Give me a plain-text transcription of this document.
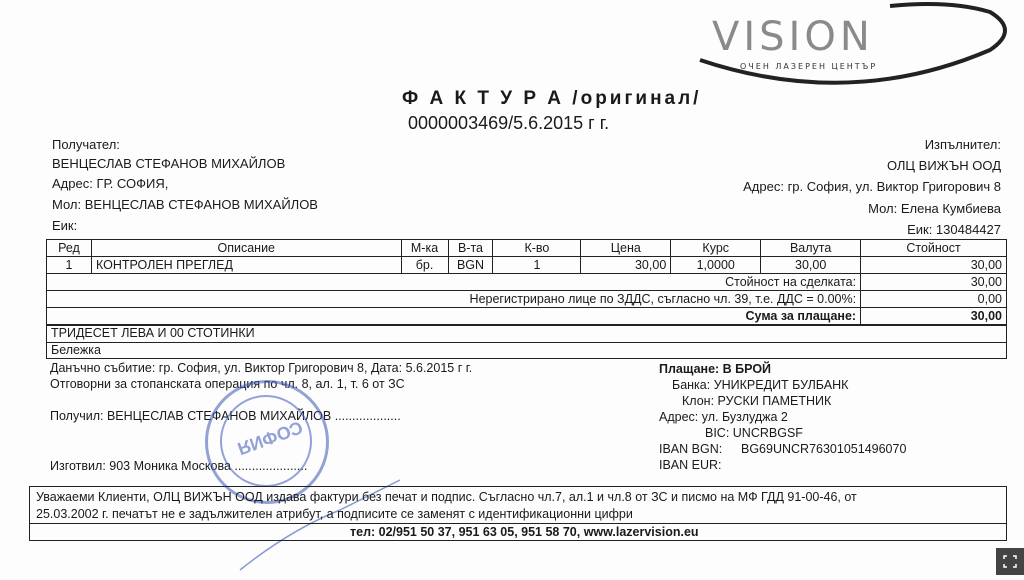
VISION
ОЧЕН ЛАЗЕРЕН ЦЕНТЪР
Ф А К Т У Р А /оригинал/
0000003469/5.6.2015 г г.
Получател:
ВЕНЦЕСЛАВ СТЕФАНОВ МИХАЙЛОВ
Адрес: ГР. СОФИЯ,
Мол: ВЕНЦЕСЛАВ СТЕФАНОВ МИХАЙЛОВ
Еик:
Изпълнител:
ОЛЦ ВИЖЪН ООД
Адрес: гр. София, ул. Виктор Григорович 8
Мол: Елена Кумбиева
Еик: 130484427
Ред	Описание	М-ка	В-та	К-во	Цена	Курс	Валута	Стойност
1	КОНТРОЛЕН ПРЕГЛЕД	бр.	BGN	1	30,00	1,0000	30,00	30,00
Стойност на сделката:								30,00
Нерегистрирано лице по ЗДДС, съгласно чл. 39, т.е. ДДС = 0.00%:								0,00
Сума за плащане:								30,00
ТРИДЕСЕТ ЛЕВА И 00 СТОТИНКИ
Бележка
Данъчно събитие: гр. София, ул. Виктор Григорович 8, Дата: 5.6.2015 г г.
Отговорни за стопанската операция по чл. 8, ал. 1, т. 6 от ЗС
Получил: ВЕНЦЕСЛАВ СТЕФАНОВ МИХАЙЛОВ ...................
Изготвил: 903 Моника Москова .....................
СОФИЯ
Плащане: В БРОЙ
Банка: УНИКРЕДИТ БУЛБАНК
Клон: РУСКИ ПАМЕТНИК
Адрес: ул. Бузлуджа 2
BIC: UNCRBGSF
IBAN BGN: BG69UNCR76301051496070
IBAN EUR:
Уважаеми Клиенти, ОЛЦ ВИЖЪН ООД издава фактури без печат и подпис. Съгласно чл.7, ал.1 и чл.8 от ЗС и писмо на МФ ГДД 91-00-46, от
25.03.2002 г. печатът не е задължителен атрибут, а подписите се заменят с идентификационни цифри
тел: 02/951 50 37, 951 63 05, 951 58 70, www.lazervision.eu
